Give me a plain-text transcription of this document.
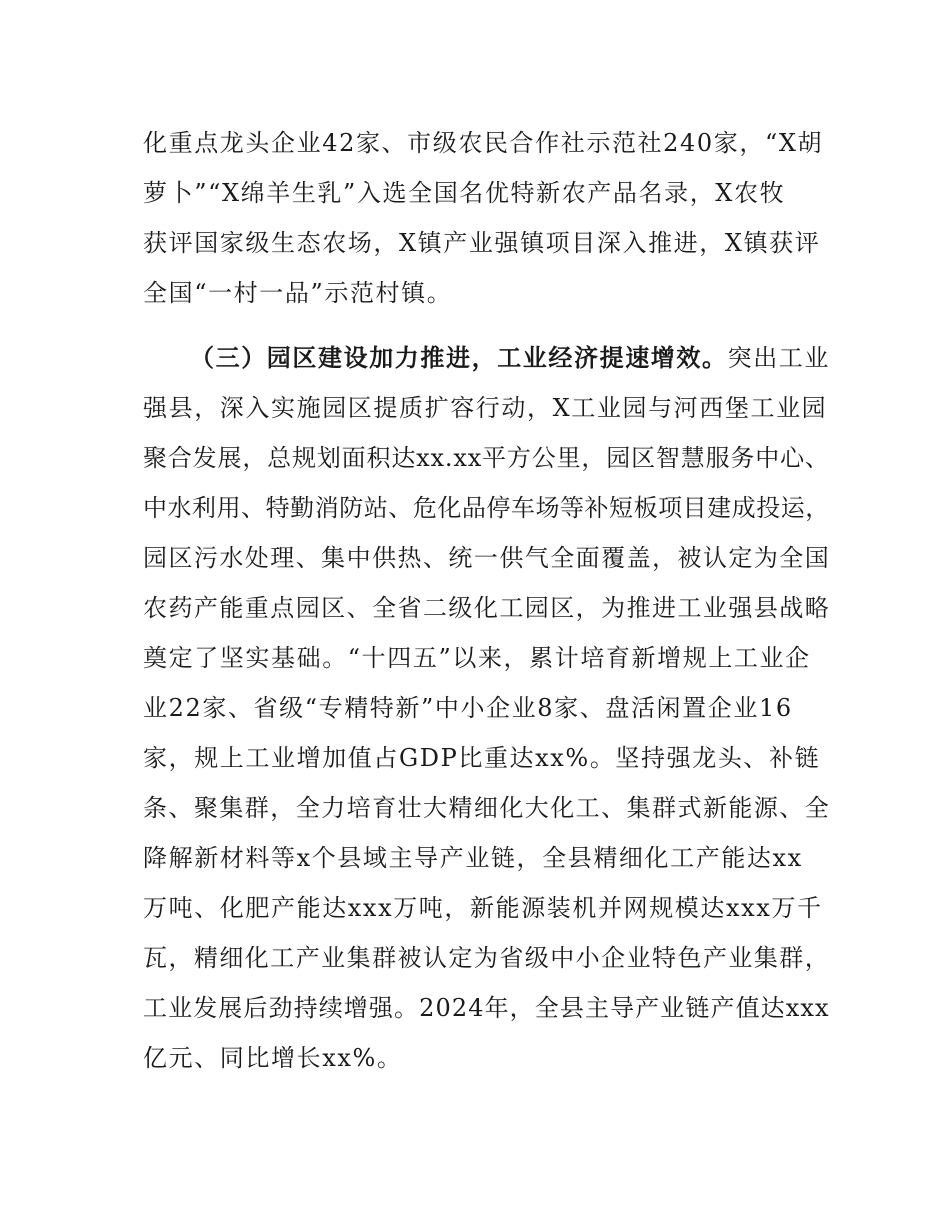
化重点龙头企业42家、市级农民合作社示范社240家，“X胡
萝卜”“X绵羊生乳”入选全国名优特新农产品名录，X农牧
获评国家级生态农场，X镇产业强镇项目深入推进，X镇获评
全国“一村一品”示范村镇。
（三）园区建设加力推进，工业经济提速增效。突出工业
强县，深入实施园区提质扩容行动，X工业园与河西堡工业园
聚合发展，总规划面积达xx.xx平方公里，园区智慧服务中心、
中水利用、特勤消防站、危化品停车场等补短板项目建成投运，
园区污水处理、集中供热、统一供气全面覆盖，被认定为全国
农药产能重点园区、全省二级化工园区，为推进工业强县战略
奠定了坚实基础。“十四五”以来，累计培育新增规上工业企
业22家、省级“专精特新”中小企业8家、盘活闲置企业16
家，规上工业增加值占GDP比重达xx%。坚持强龙头、补链
条、聚集群，全力培育壮大精细化大化工、集群式新能源、全
降解新材料等x个县域主导产业链，全县精细化工产能达xx
万吨、化肥产能达xxx万吨，新能源装机并网规模达xxx万千
瓦，精细化工产业集群被认定为省级中小企业特色产业集群，
工业发展后劲持续增强。2024年，全县主导产业链产值达xxx
亿元、同比增长xx%。
